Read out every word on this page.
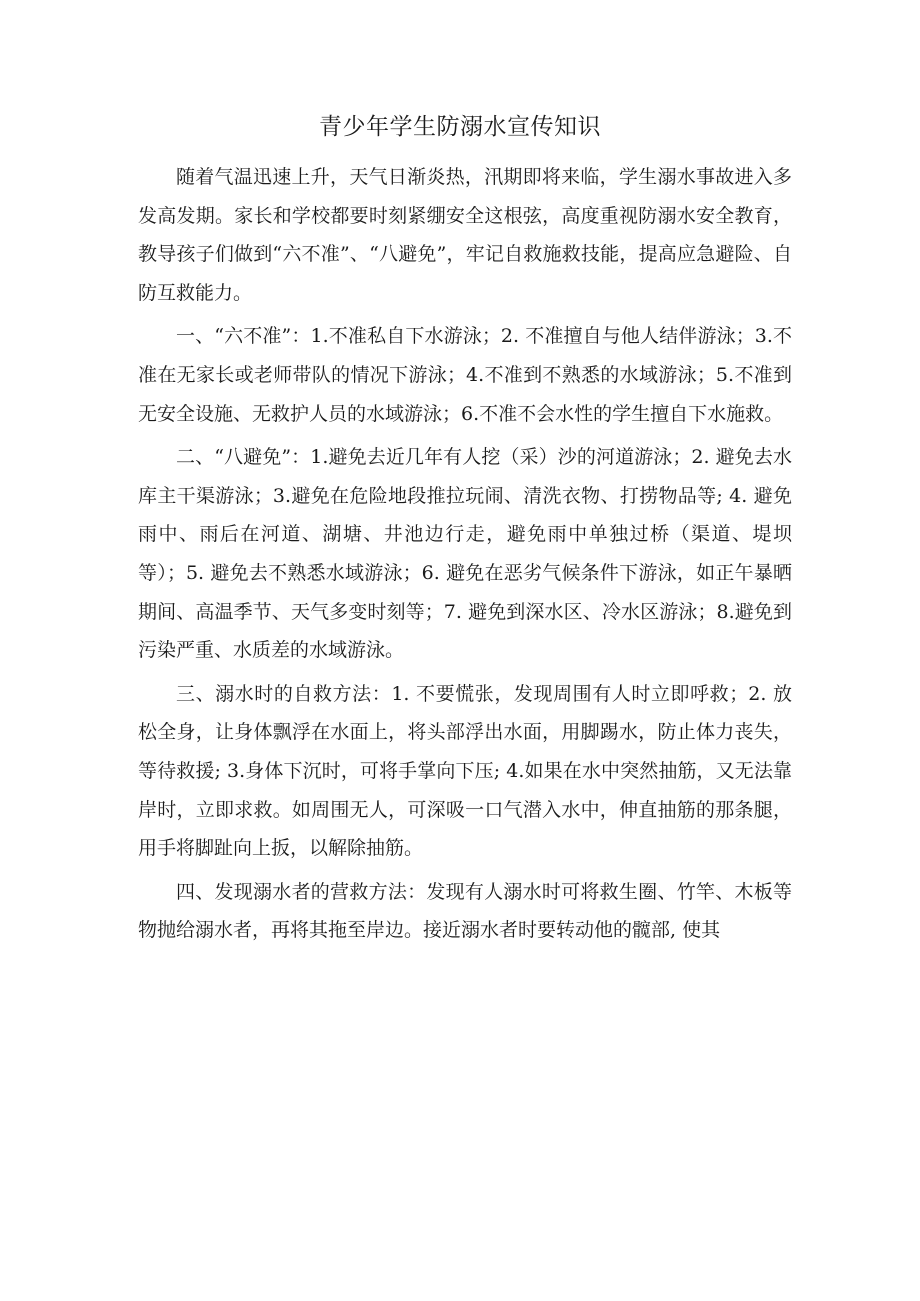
青少年学生防溺水宣传知识

随着气温迅速上升，天气日渐炎热，汛期即将来临，学生溺水事故进入多发高发期。家长和学校都要时刻紧绷安全这根弦，高度重视防溺水安全教育，教导孩子们做到“六不准”、“八避免”，牢记自救施救技能，提高应急避险、自防互救能力。

一、“六不准”：1.不准私自下水游泳；2. 不准擅自与他人结伴游泳；3.不准在无家长或老师带队的情况下游泳；4.不准到不熟悉的水域游泳；5.不准到无安全设施、无救护人员的水域游泳；6.不准不会水性的学生擅自下水施救。

二、“八避免”：1.避免去近几年有人挖（采）沙的河道游泳；2. 避免去水库主干渠游泳；3.避免在危险地段推拉玩闹、清洗衣物、打捞物品等; 4. 避免雨中、雨后在河道、湖塘、井池边行走，避免雨中单独过桥（渠道、堤坝等）；5. 避免去不熟悉水域游泳；6. 避免在恶劣气候条件下游泳，如正午暴晒期间、高温季节、天气多变时刻等；7. 避免到深水区、冷水区游泳；8.避免到污染严重、水质差的水域游泳。

三、溺水时的自救方法：1. 不要慌张，发现周围有人时立即呼救；2. 放松全身，让身体飘浮在水面上，将头部浮出水面，用脚踢水，防止体力丧失，等待救援; 3.身体下沉时，可将手掌向下压; 4.如果在水中突然抽筋，又无法靠岸时，立即求救。如周围无人，可深吸一口气潜入水中，伸直抽筋的那条腿，用手将脚趾向上扳，以解除抽筋。

四、发现溺水者的营救方法：发现有人溺水时可将救生圈、竹竿、木板等物抛给溺水者，再将其拖至岸边。接近溺水者时要转动他的髋部, 使其
